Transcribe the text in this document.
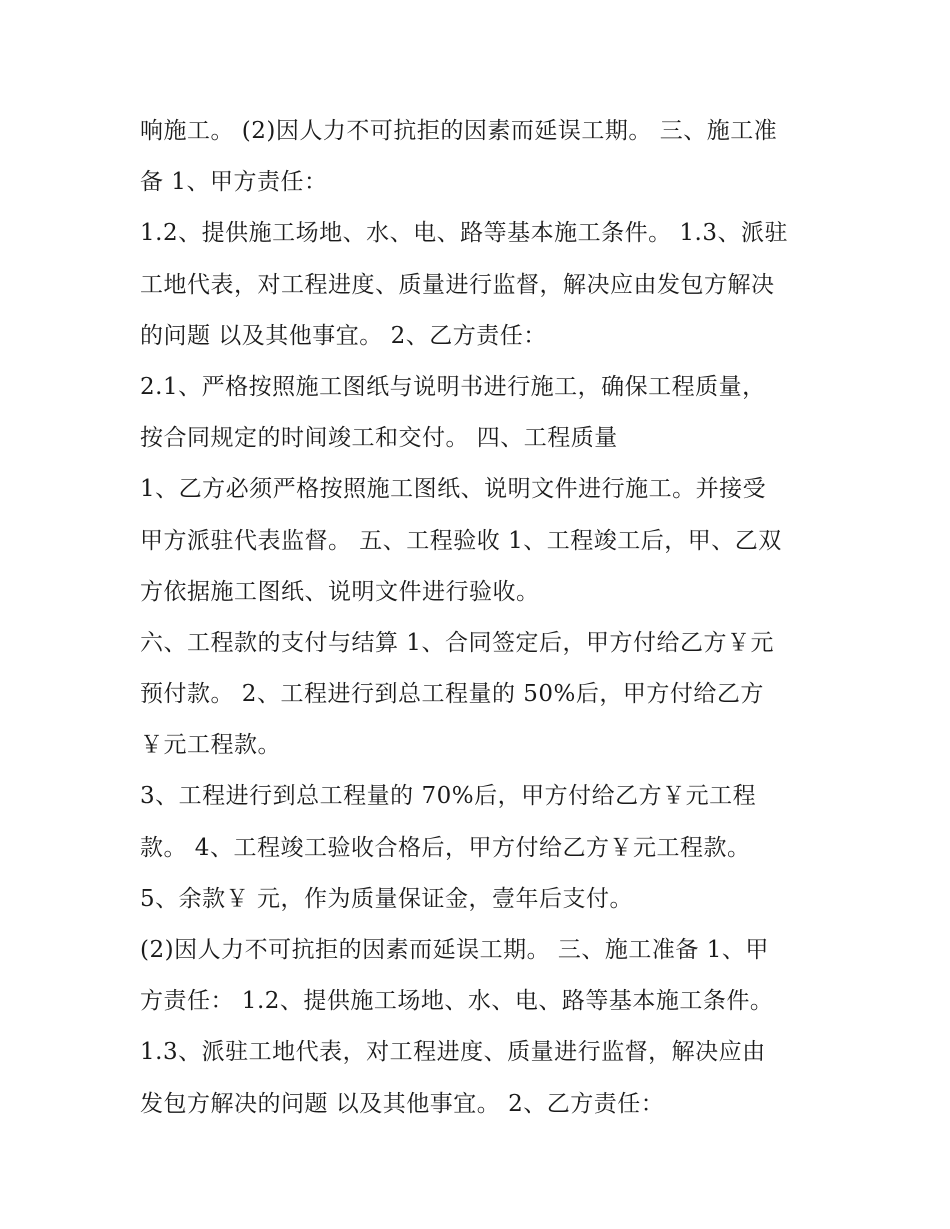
响施工。 (2)因人力不可抗拒的因素而延误工期。 三、施工准
备 1、甲方责任：
1.2、提供施工场地、水、电、路等基本施工条件。 1.3、派驻
工地代表，对工程进度、质量进行监督，解决应由发包方解决
的问题 以及其他事宜。 2、乙方责任：
2.1、严格按照施工图纸与说明书进行施工，确保工程质量，
按合同规定的时间竣工和交付。 四、工程质量
1、乙方必须严格按照施工图纸、说明文件进行施工。并接受
甲方派驻代表监督。 五、工程验收 1、工程竣工后，甲、乙双
方依据施工图纸、说明文件进行验收。
六、工程款的支付与结算 1、合同签定后，甲方付给乙方￥元
预付款。 2、工程进行到总工程量的 50%后，甲方付给乙方
￥元工程款。
3、工程进行到总工程量的 70%后，甲方付给乙方￥元工程
款。 4、工程竣工验收合格后，甲方付给乙方￥元工程款。
5、余款￥ 元，作为质量保证金，壹年后支付。
(2)因人力不可抗拒的因素而延误工期。 三、施工准备 1、甲
方责任： 1.2、提供施工场地、水、电、路等基本施工条件。
1.3、派驻工地代表，对工程进度、质量进行监督，解决应由
发包方解决的问题 以及其他事宜。 2、乙方责任：
